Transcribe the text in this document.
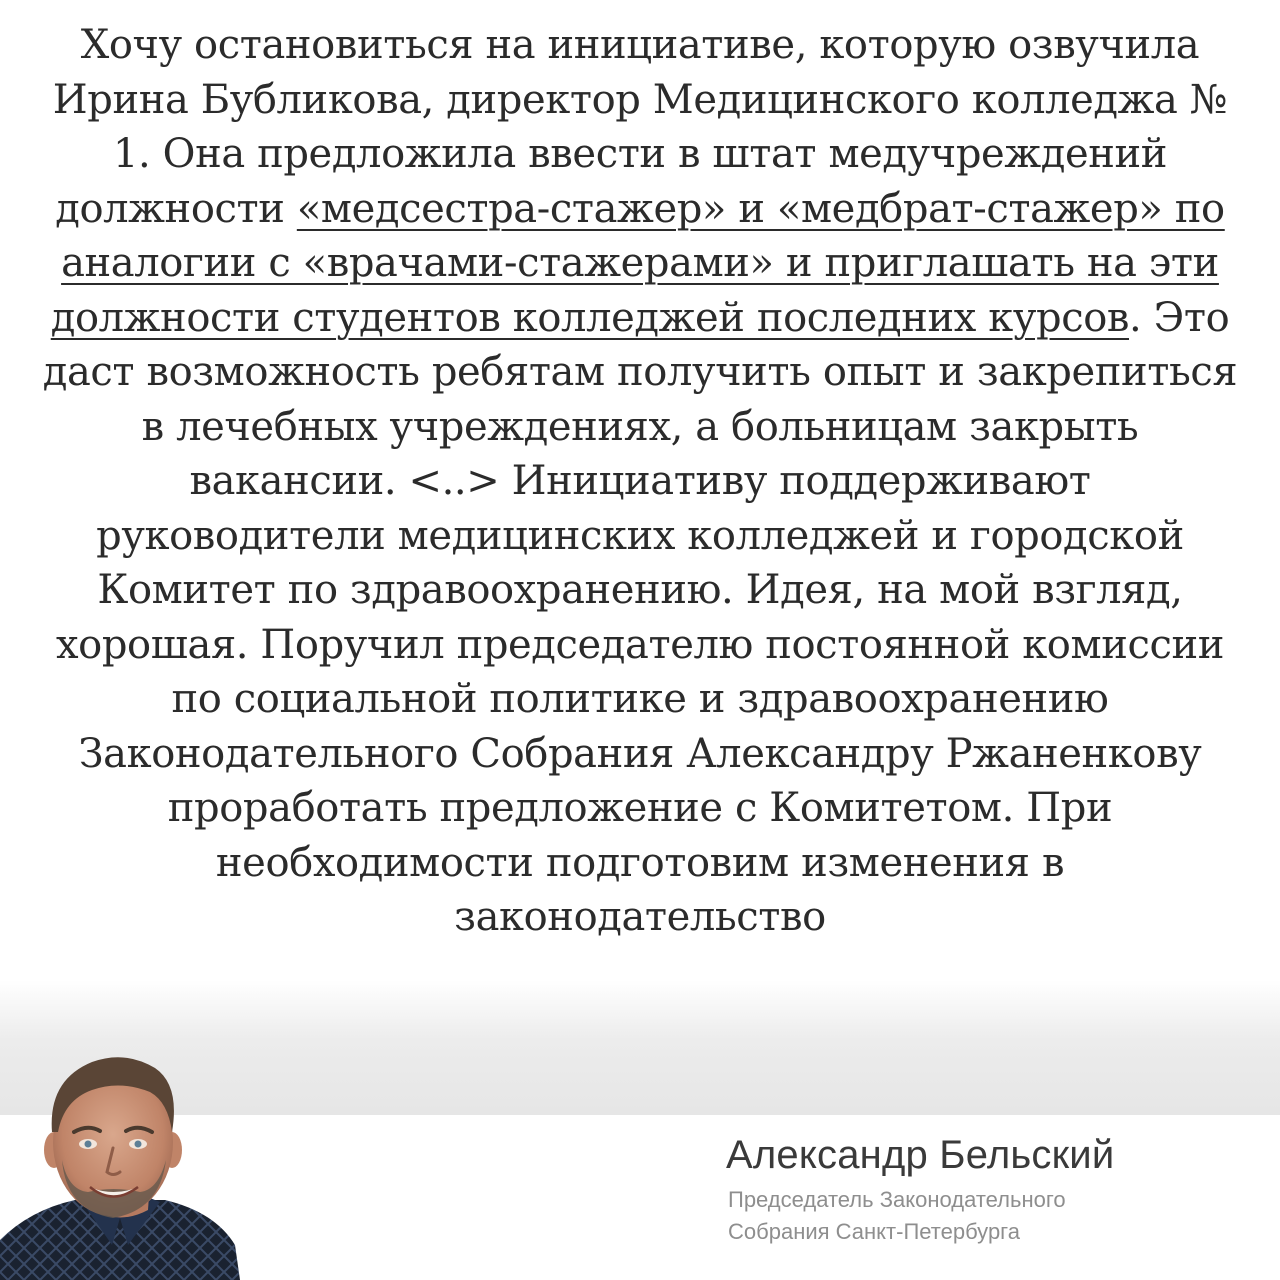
Хочу остановиться на инициативе, которую озвучила Ирина Бубликова, директор Медицинского колледжа № 1. Она предложила ввести в штат медучреждений должности «медсестра-стажер» и «медбрат-стажер» по аналогии с «врачами-стажерами» и приглашать на эти должности студентов колледжей последних курсов. Это даст возможность ребятам получить опыт и закрепиться в лечебных учреждениях, а больницам закрыть вакансии. <..> Инициативу поддерживают руководители медицинских колледжей и городской Комитет по здравоохранению. Идея, на мой взгляд, хорошая. Поручил председателю постоянной комиссии по социальной политике и здравоохранению Законодательного Собрания Александру Ржаненкову проработать предложение с Комитетом. При необходимости подготовим изменения в законодательство

Александр Бельский

Председатель Законодательного

Собрания Санкт-Петербурга
